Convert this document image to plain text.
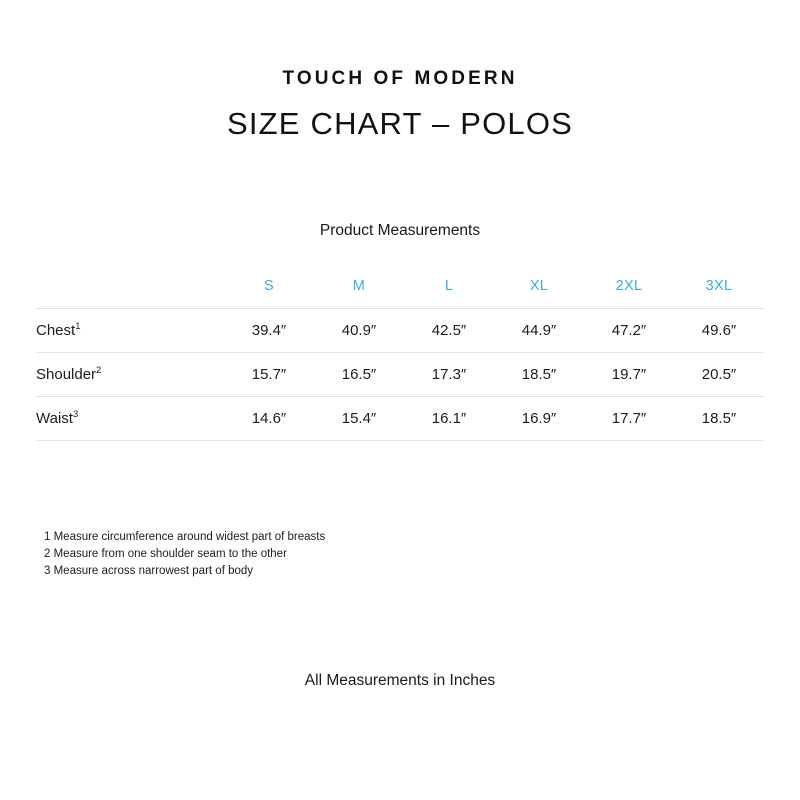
TOUCH OF MODERN
SIZE CHART – POLOS
Product Measurements
	S	M	L	XL	2XL	3XL
Chest$^1$	39.4″	40.9″	42.5″	44.9″	47.2″	49.6″
Shoulder$^2$	15.7″	16.5″	17.3″	18.5″	19.7″	20.5″
Waist$^3$	14.6″	15.4″	16.1″	16.9″	17.7″	18.5″
1 Measure circumference around widest part of breasts
2 Measure from one shoulder seam to the other
3 Measure across narrowest part of body
All Measurements in Inches
